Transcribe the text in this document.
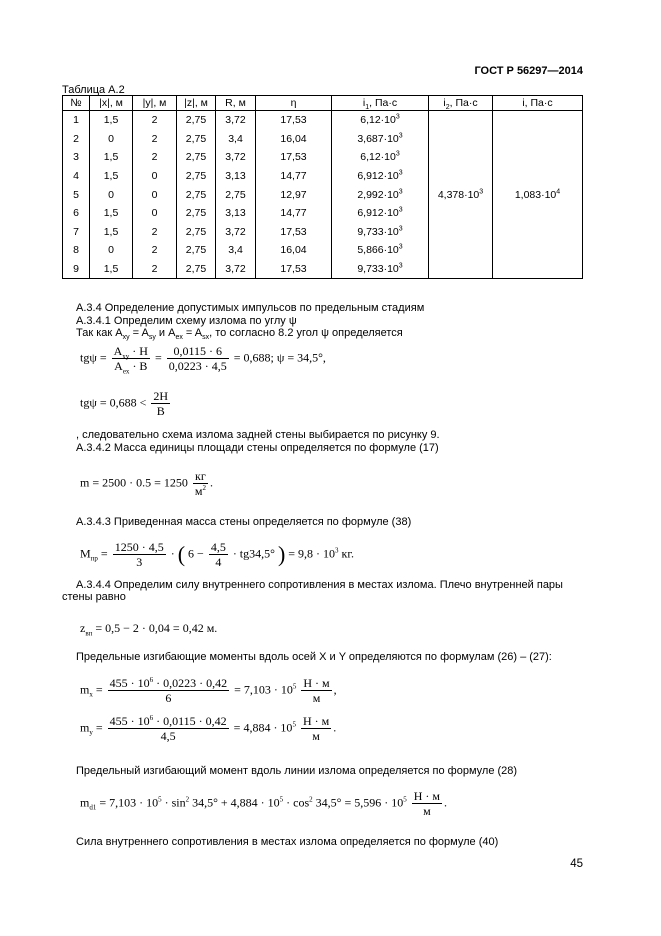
ГОСТ Р 56297—2014
Таблица А.2
№	|x|, м	|y|, м	|z|, м	R, м	η	$i_1$, Па·с	$i_2$, Па·с	i, Па·с
1	1,5	2	2,75	3,72	17,53	$6,12\cdot 10^3$	$4,378\cdot 10^3$	$1,083\cdot 10^4$
2	0	2	2,75	3,4	16,04	$3,687\cdot 10^3$
3	1,5	2	2,75	3,72	17,53	$6,12\cdot 10^3$
4	1,5	0	2,75	3,13	14,77	$6,912\cdot 10^3$
5	0	0	2,75	2,75	12,97	$2,992\cdot 10^3$
6	1,5	0	2,75	3,13	14,77	$6,912\cdot 10^3$
7	1,5	2	2,75	3,72	17,53	$9,733\cdot 10^3$
8	0	2	2,75	3,4	16,04	$5,866\cdot 10^3$
9	1,5	2	2,75	3,72	17,53	$9,733\cdot 10^3$
А.3.4 Определение допустимых импульсов по предельным стадиям
А.3.4.1 Определим схему излома по углу ψ
Так как $A_{xy} = A_{sy}$ и $A_{ex} = A_{sx}$, то согласно 8.2 угол ψ определяется
$tg\psi = \frac{A_{xy} \cdot H}{A_{ex} \cdot B} = \frac{0,0115 \cdot 6}{0,0223 \cdot 4,5} = 0,688$; ψ = 34,5°,
$tg\psi = 0,688 < \frac{2H}{B}$
, следовательно схема излома задней стены выбирается по рисунку 9.
А.3.4.2 Масса единицы площади стены определяется по формуле (17)
$m = 2500 \cdot 0.5 = 1250 \frac{кг}{м^2}$ .
А.3.4.3 Приведенная масса стены определяется по формуле (38)
$M_{пр} = \frac{1250 \cdot 4,5}{3}$ · ( $6 - \frac{4,5}{4} \cdot tg34,5^\circ$ ) = $9,8 \cdot 10^3$ кг.
А.3.4.4 Определим силу внутреннего сопротивления в местах излома. Плечо внутренней пары
стены равно
$z_{вп} = 0,5 - 2 \cdot 0,04 = 0,42$ м.
Предельные изгибающие моменты вдоль осей X и Y определяются по формулам (26) – (27):
$m_x = \frac{455 \cdot 10^6 \cdot 0,0223 \cdot 0,42}{6} = 7,103 \cdot 10^5 \frac{Н \cdot м}{м}$ ,
$m_y = \frac{455 \cdot 10^6 \cdot 0,0115 \cdot 0,42}{4,5} = 4,884 \cdot 10^5 \frac{Н \cdot м}{м}$ .
Предельный изгибающий момент вдоль линии излома определяется по формуле (28)
$m_{d1} = 7,103 \cdot 10^5 \cdot \sin^2 34,5^\circ + 4,884 \cdot 10^5 \cdot \cos^2 34,5^\circ = 5,596 \cdot 10^5 \frac{Н \cdot м}{м}$ .
Сила внутреннего сопротивления в местах излома определяется по формуле (40)
45
